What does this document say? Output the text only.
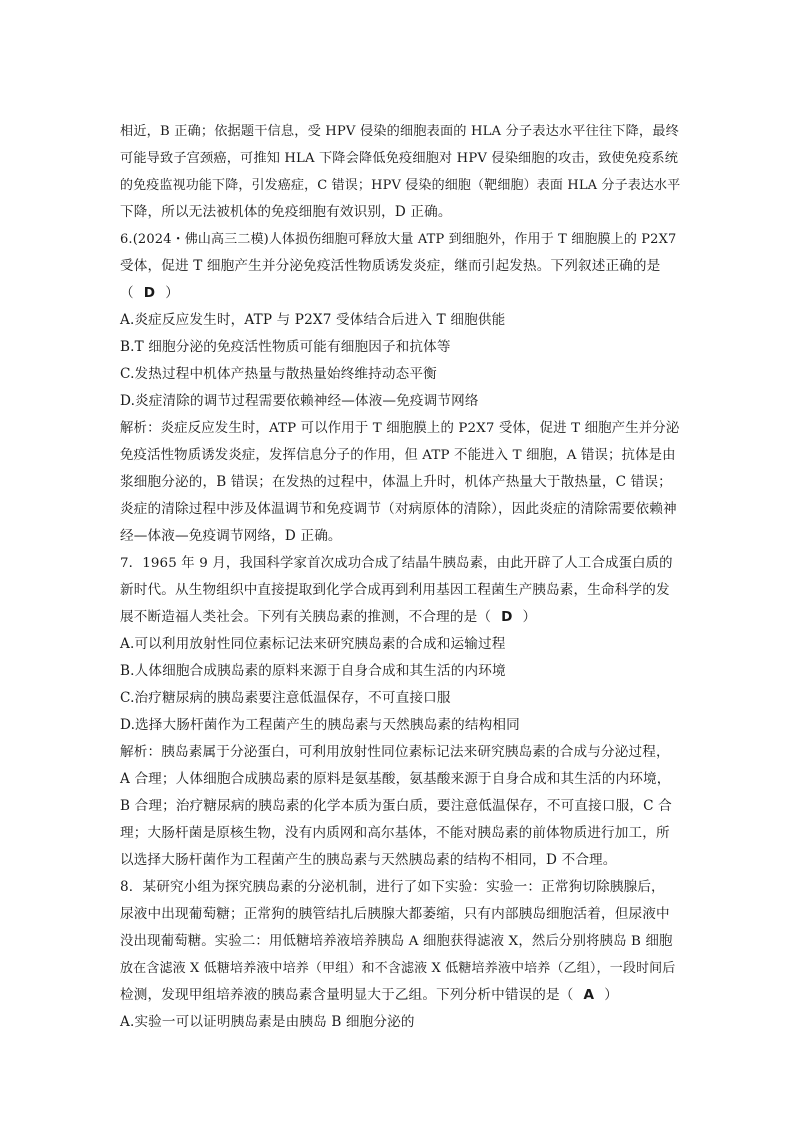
相近，B 正确；依据题干信息，受 HPV 侵染的细胞表面的 HLA 分子表达水平往往下降，最终
可能导致子宫颈癌，可推知 HLA 下降会降低免疫细胞对 HPV 侵染细胞的攻击，致使免疫系统
的免疫监视功能下降，引发癌症，C 错误；HPV 侵染的细胞（靶细胞）表面 HLA 分子表达水平
下降，所以无法被机体的免疫细胞有效识别，D 正确。
6.(2024・佛山高三二模)人体损伤细胞可释放大量 ATP 到细胞外，作用于 T 细胞膜上的 P2X7
受体，促进 T 细胞产生并分泌免疫活性物质诱发炎症，继而引起发热。下列叙述正确的是
（ D ）
A.炎症反应发生时，ATP 与 P2X7 受体结合后进入 T 细胞供能
B.T 细胞分泌的免疫活性物质可能有细胞因子和抗体等
C.发热过程中机体产热量与散热量始终维持动态平衡
D.炎症清除的调节过程需要依赖神经—体液—免疫调节网络
解析：炎症反应发生时，ATP 可以作用于 T 细胞膜上的 P2X7 受体，促进 T 细胞产生并分泌
免疫活性物质诱发炎症，发挥信息分子的作用，但 ATP 不能进入 T 细胞，A 错误；抗体是由
浆细胞分泌的，B 错误；在发热的过程中，体温上升时，机体产热量大于散热量，C 错误；
炎症的清除过程中涉及体温调节和免疫调节（对病原体的清除），因此炎症的清除需要依赖神
经—体液—免疫调节网络，D 正确。
7．1965 年 9 月，我国科学家首次成功合成了结晶牛胰岛素，由此开辟了人工合成蛋白质的
新时代。从生物组织中直接提取到化学合成再到利用基因工程菌生产胰岛素，生命科学的发
展不断造福人类社会。下列有关胰岛素的推测，不合理的是（ D ）
A.可以利用放射性同位素标记法来研究胰岛素的合成和运输过程
B.人体细胞合成胰岛素的原料来源于自身合成和其生活的内环境
C.治疗糖尿病的胰岛素要注意低温保存，不可直接口服
D.选择大肠杆菌作为工程菌产生的胰岛素与天然胰岛素的结构相同
解析：胰岛素属于分泌蛋白，可利用放射性同位素标记法来研究胰岛素的合成与分泌过程，
A 合理；人体细胞合成胰岛素的原料是氨基酸，氨基酸来源于自身合成和其生活的内环境，
B 合理；治疗糖尿病的胰岛素的化学本质为蛋白质，要注意低温保存，不可直接口服，C 合
理；大肠杆菌是原核生物，没有内质网和高尔基体，不能对胰岛素的前体物质进行加工，所
以选择大肠杆菌作为工程菌产生的胰岛素与天然胰岛素的结构不相同，D 不合理。
8．某研究小组为探究胰岛素的分泌机制，进行了如下实验：实验一：正常狗切除胰腺后，
尿液中出现葡萄糖；正常狗的胰管结扎后胰腺大都萎缩，只有内部胰岛细胞活着，但尿液中
没出现葡萄糖。实验二：用低糖培养液培养胰岛 A 细胞获得滤液 X，然后分别将胰岛 B 细胞
放在含滤液 X 低糖培养液中培养（甲组）和不含滤液 X 低糖培养液中培养（乙组），一段时间后
检测，发现甲组培养液的胰岛素含量明显大于乙组。下列分析中错误的是（ A ）
A.实验一可以证明胰岛素是由胰岛 B 细胞分泌的
